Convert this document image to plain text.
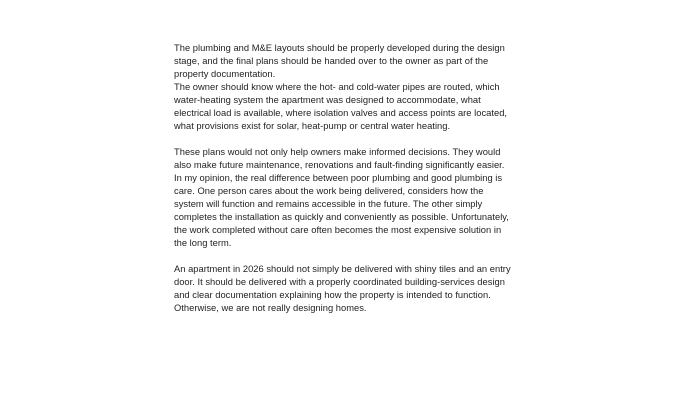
The plumbing and M&E layouts should be properly developed during the design stage, and the final plans should be handed over to the owner as part of the property documentation.

The owner should know where the hot- and cold-water pipes are routed, which water-heating system the apartment was designed to accommodate, what electrical load is available, where isolation valves and access points are located, what provisions exist for solar, heat-pump or central water heating.

These plans would not only help owners make informed decisions. They would also make future maintenance, renovations and fault-finding significantly easier.

In my opinion, the real difference between poor plumbing and good plumbing is care. One person cares about the work being delivered, considers how the system will function and remains accessible in the future. The other simply completes the installation as quickly and conveniently as possible. Unfortunately, the work completed without care often becomes the most expensive solution in the long term.

An apartment in 2026 should not simply be delivered with shiny tiles and an entry door. It should be delivered with a properly coordinated building-services design and clear documentation explaining how the property is intended to function. Otherwise, we are not really designing homes.
